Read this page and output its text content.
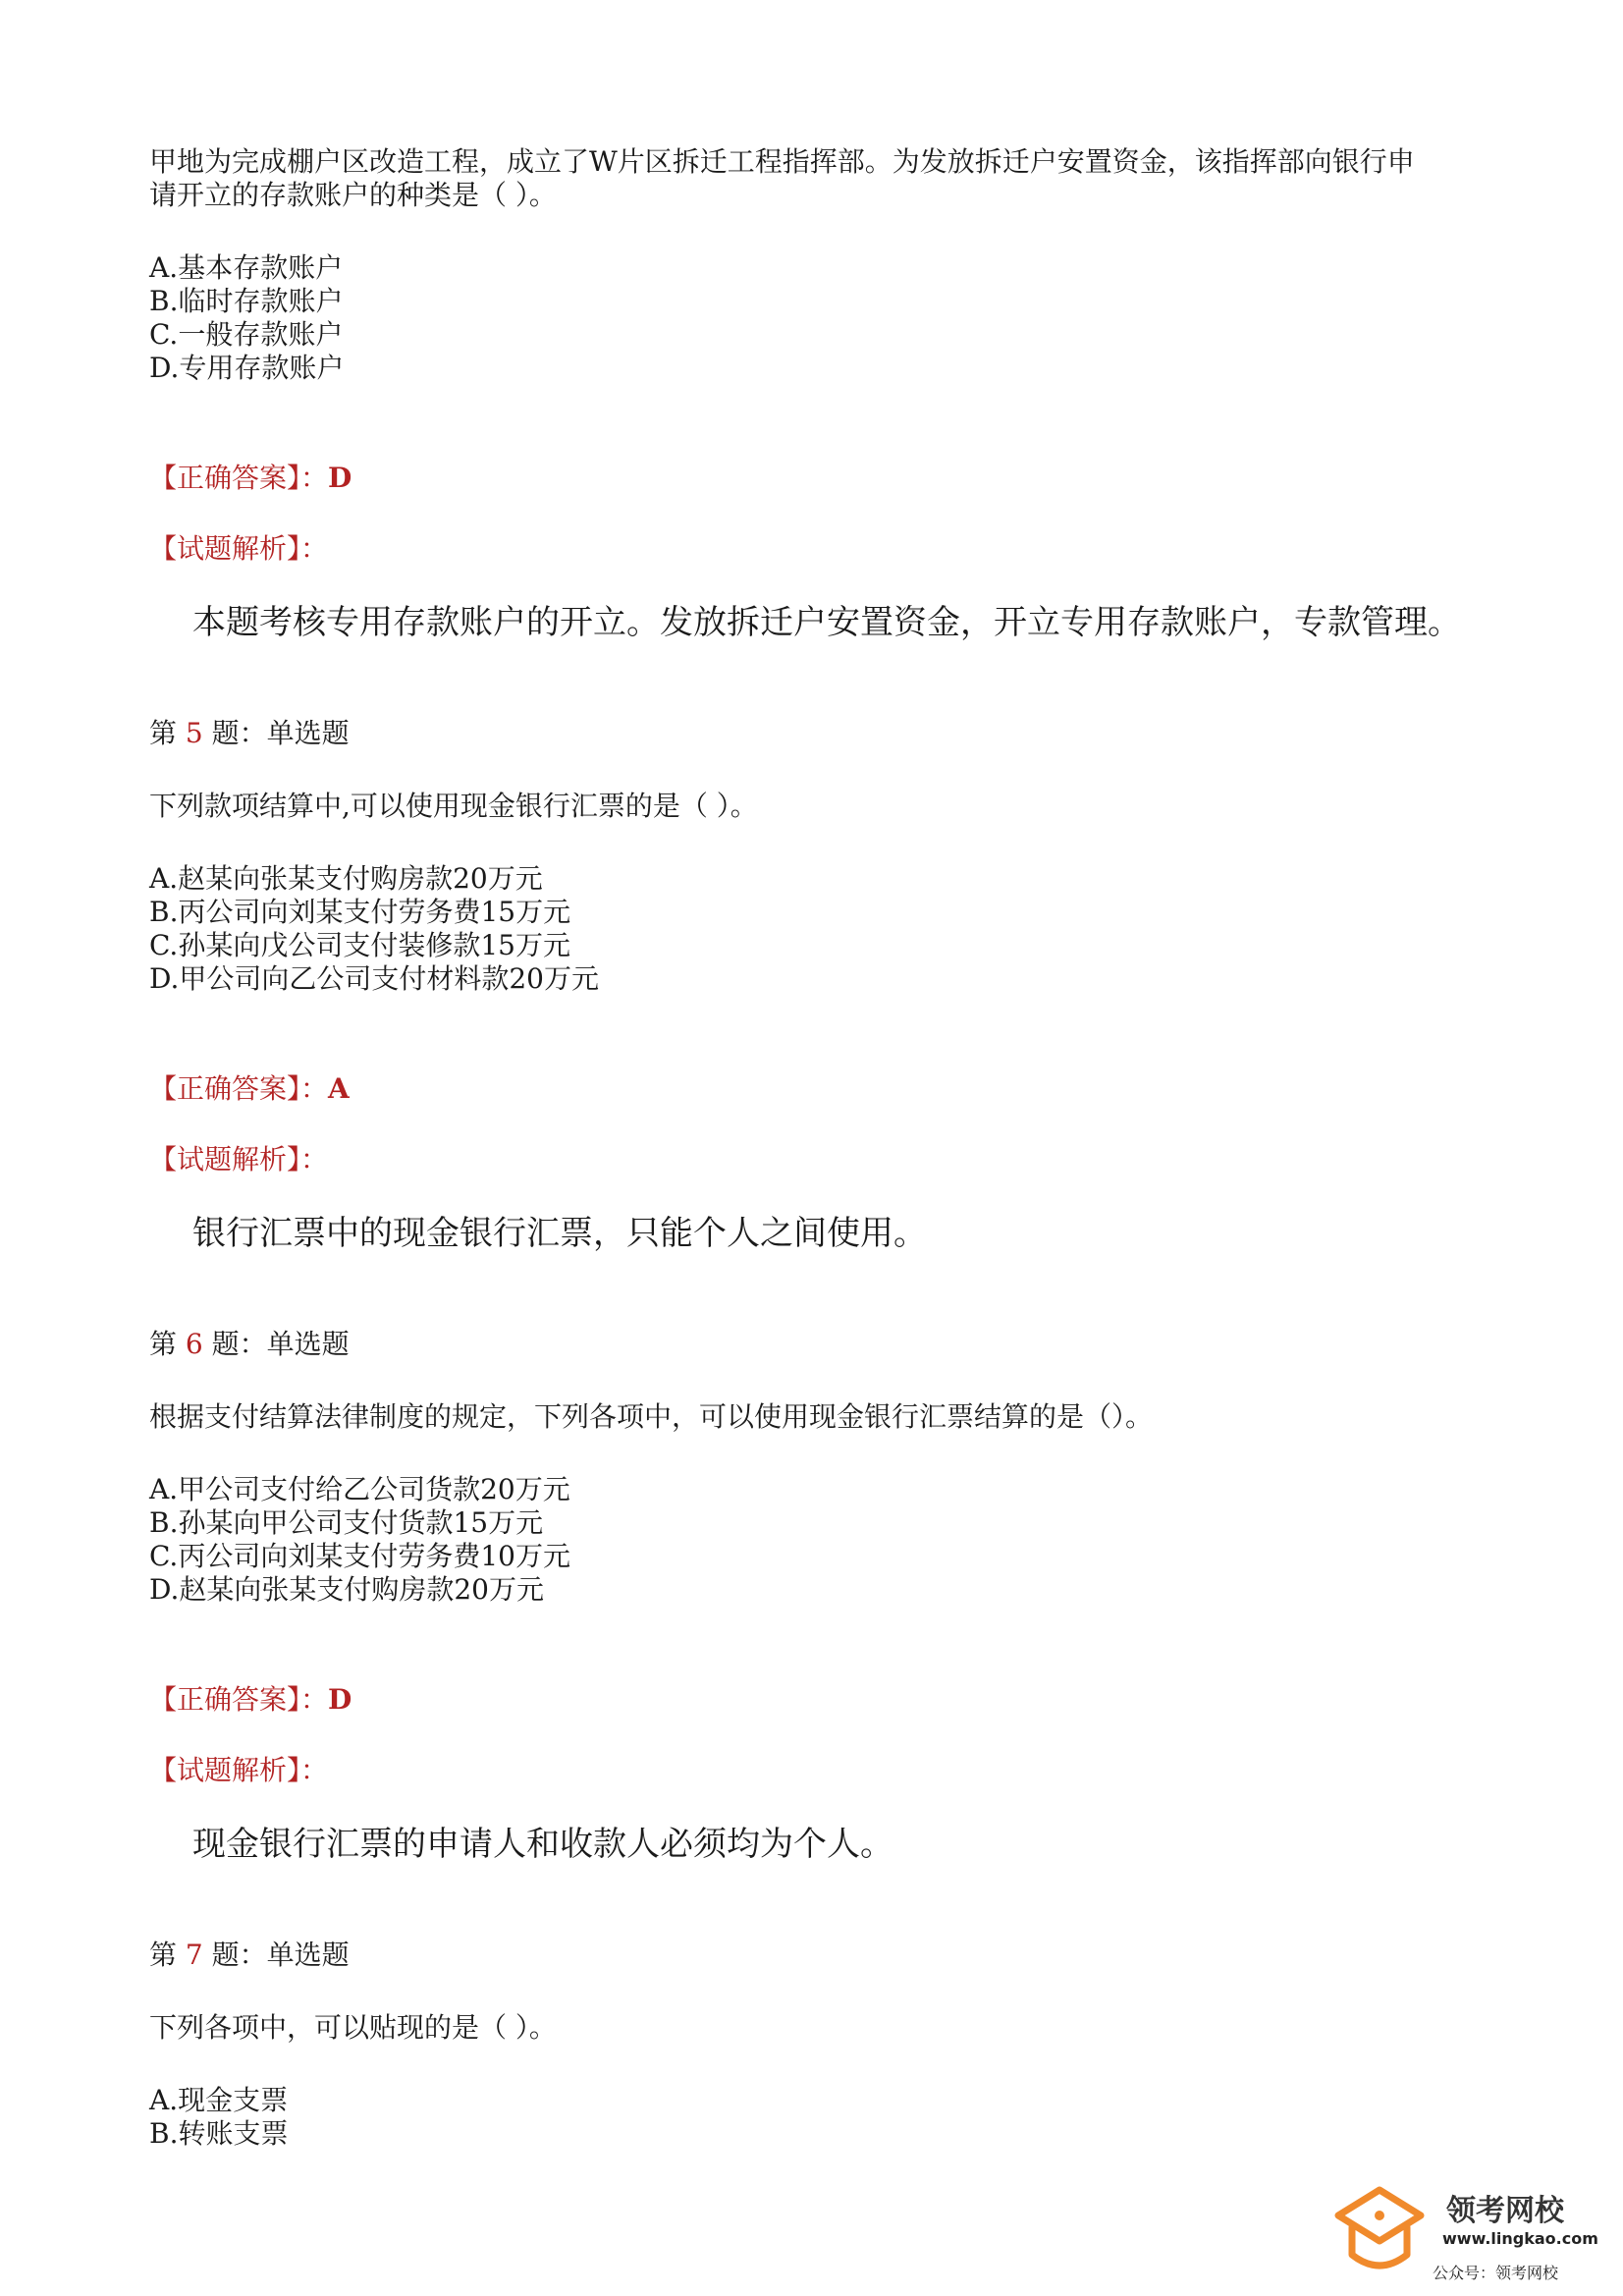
甲地为完成棚户区改造工程，成立了W片区拆迁工程指挥部。为发放拆迁户安置资金，该指挥部向银行申
请开立的存款账户的种类是（ ）。
A.基本存款账户
B.临时存款账户
C.一般存款账户
D.专用存款账户
【正确答案】：D
【试题解析】：
本题考核专用存款账户的开立。发放拆迁户安置资金，开立专用存款账户，专款管理。
第 5 题：单选题
下列款项结算中,可以使用现金银行汇票的是（ ）。
A.赵某向张某支付购房款20万元
B.丙公司向刘某支付劳务费15万元
C.孙某向戊公司支付装修款15万元
D.甲公司向乙公司支付材料款20万元
【正确答案】：A
【试题解析】：
银行汇票中的现金银行汇票，只能个人之间使用。
第 6 题：单选题
根据支付结算法律制度的规定，下列各项中，可以使用现金银行汇票结算的是（）。
A.甲公司支付给乙公司货款20万元
B.孙某向甲公司支付货款15万元
C.丙公司向刘某支付劳务费10万元
D.赵某向张某支付购房款20万元
【正确答案】：D
【试题解析】：
现金银行汇票的申请人和收款人必须均为个人。
第 7 题：单选题
下列各项中，可以贴现的是（ ）。
A.现金支票
B.转账支票
领考网校
www.lingkao.com
公众号：领考网校
